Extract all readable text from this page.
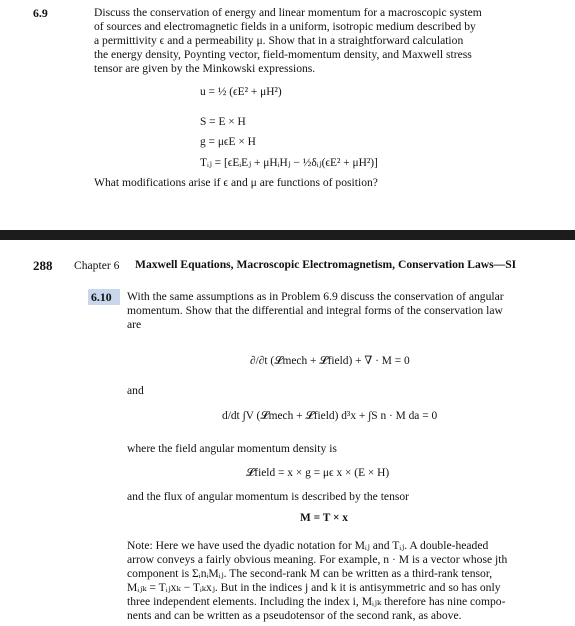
6.9	Discuss the conservation of energy and linear momentum for a macroscopic system
of sources and electromagnetic fields in a uniform, isotropic medium described by
a permittivity ϵ and a permeability μ. Show that in a straightforward calculation
the energy density, Poynting vector, field-momentum density, and Maxwell stress
tensor are given by the Minkowski expressions.
u = ½ (ϵE² + μH²)
S = E × H
g = μϵE × H
Tᵢⱼ = [ϵEᵢEⱼ + μHᵢHⱼ − ½δᵢⱼ(ϵE² + μH²)]
What modifications arise if ϵ and μ are functions of position?
288 Chapter 6 Maxwell Equations, Macroscopic Electromagnetism, Conservation Laws—SI
6.10 With the same assumptions as in Problem 6.9 discuss the conservation of angular
momentum. Show that the differential and integral forms of the conservation law
are
∂/∂t (𝓛mech + 𝓛field) + ∇ · M = 0
and
d/dt ∫V (𝓛mech + 𝓛field) d³x + ∫S n · M da = 0
where the field angular momentum density is
𝓛field = x × g = μϵ x × (E × H)
and the flux of angular momentum is described by the tensor
M = T × x
Note: Here we have used the dyadic notation for Mᵢⱼ and Tᵢⱼ. A double-headed
arrow conveys a fairly obvious meaning. For example, n · M is a vector whose jth
component is ΣᵢnᵢMᵢⱼ. The second-rank M can be written as a third-rank tensor,
Mᵢⱼₖ = Tᵢⱼxₖ − Tᵢₖxⱼ. But in the indices j and k it is antisymmetric and so has only
three independent elements. Including the index i, Mᵢⱼₖ therefore has nine compo-
nents and can be written as a pseudotensor of the second rank, as above.
